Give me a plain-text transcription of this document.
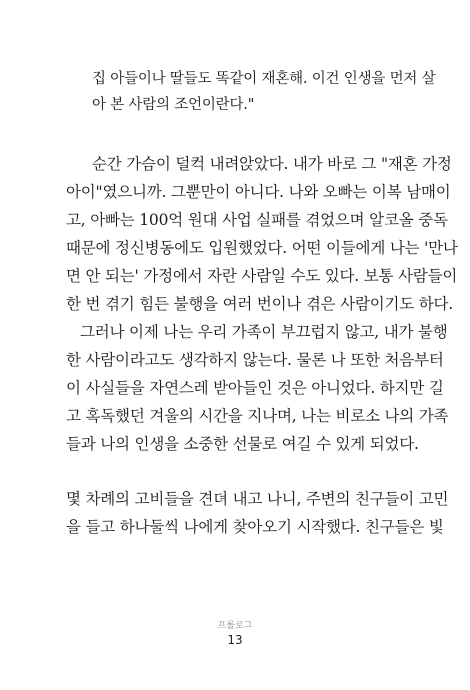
집 아들이나 딸들도 똑같이 재혼해. 이건 인생을 먼저 살
아 본 사람의 조언이란다."
순간 가슴이 덜컥 내려앉았다. 내가 바로 그 "재혼 가정
아이"였으니까. 그뿐만이 아니다. 나와 오빠는 이복 남매이
고, 아빠는 100억 원대 사업 실패를 겪었으며 알코올 중독
때문에 정신병동에도 입원했었다. 어떤 이들에게 나는 '만나
면 안 되는' 가정에서 자란 사람일 수도 있다. 보통 사람들이
한 번 겪기 힘든 불행을 여러 번이나 겪은 사람이기도 하다.
그러나 이제 나는 우리 가족이 부끄럽지 않고, 내가 불행
한 사람이라고도 생각하지 않는다. 물론 나 또한 처음부터
이 사실들을 자연스레 받아들인 것은 아니었다. 하지만 길
고 혹독했던 겨울의 시간을 지나며, 나는 비로소 나의 가족
들과 나의 인생을 소중한 선물로 여길 수 있게 되었다.
몇 차례의 고비들을 견뎌 내고 나니, 주변의 친구들이 고민
을 들고 하나둘씩 나에게 찾아오기 시작했다. 친구들은 빛
프롤로그
13
